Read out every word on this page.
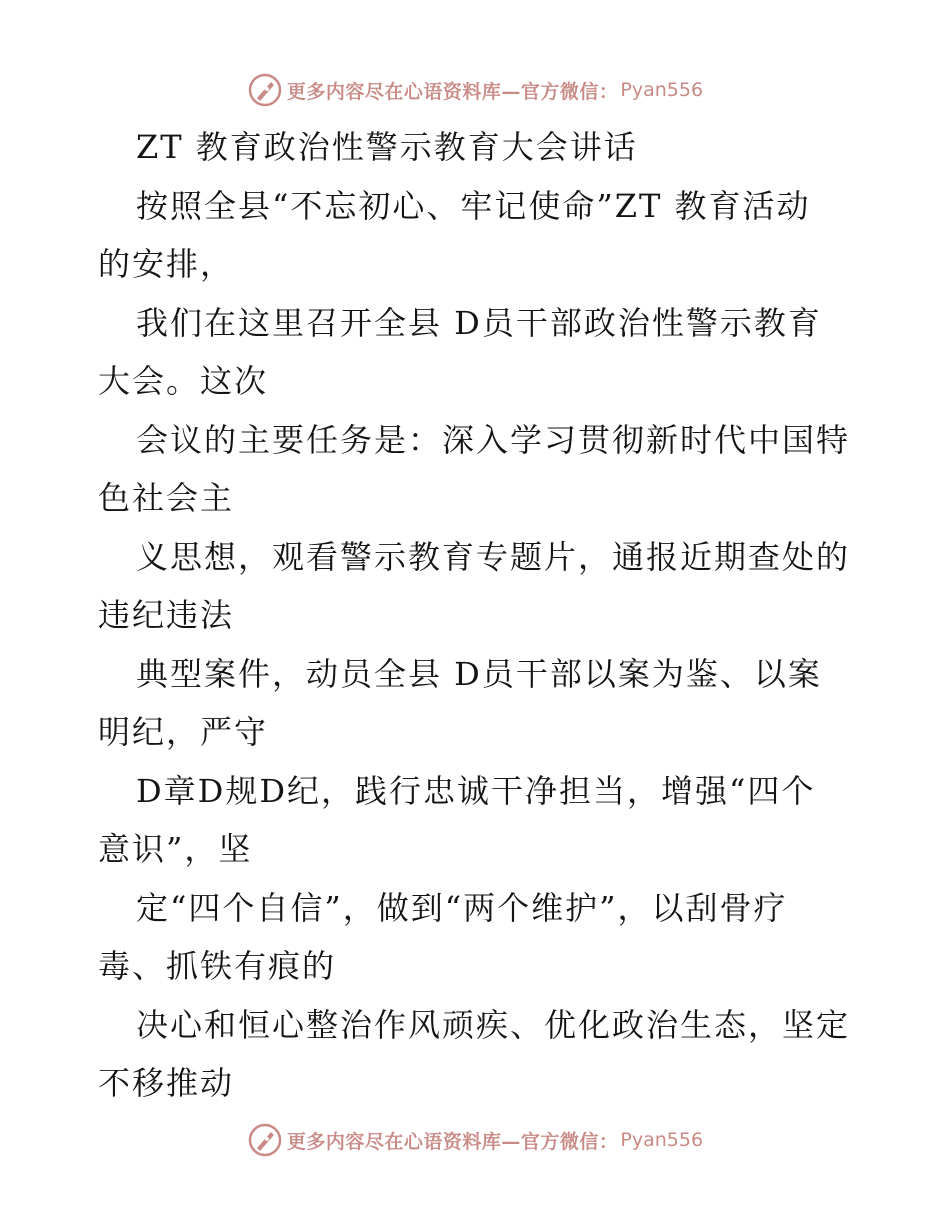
更多内容尽在心语资料库—官方微信： Pyan556
ZT 教育政治性警示教育大会讲话
按照全县“不忘初心、牢记使命”ZT 教育活动
的安排，
我们在这里召开全县 D员干部政治性警示教育
大会。这次
会议的主要任务是：深入学习贯彻新时代中国特
色社会主
义思想，观看警示教育专题片，通报近期查处的
违纪违法
典型案件，动员全县 D员干部以案为鉴、以案
明纪，严守
D章D规D纪，践行忠诚干净担当，增强“四个
意识”，坚
定“四个自信”，做到“两个维护”，以刮骨疗
毒、抓铁有痕的
决心和恒心整治作风顽疾、优化政治生态，坚定
不移推动
更多内容尽在心语资料库—官方微信： Pyan556
